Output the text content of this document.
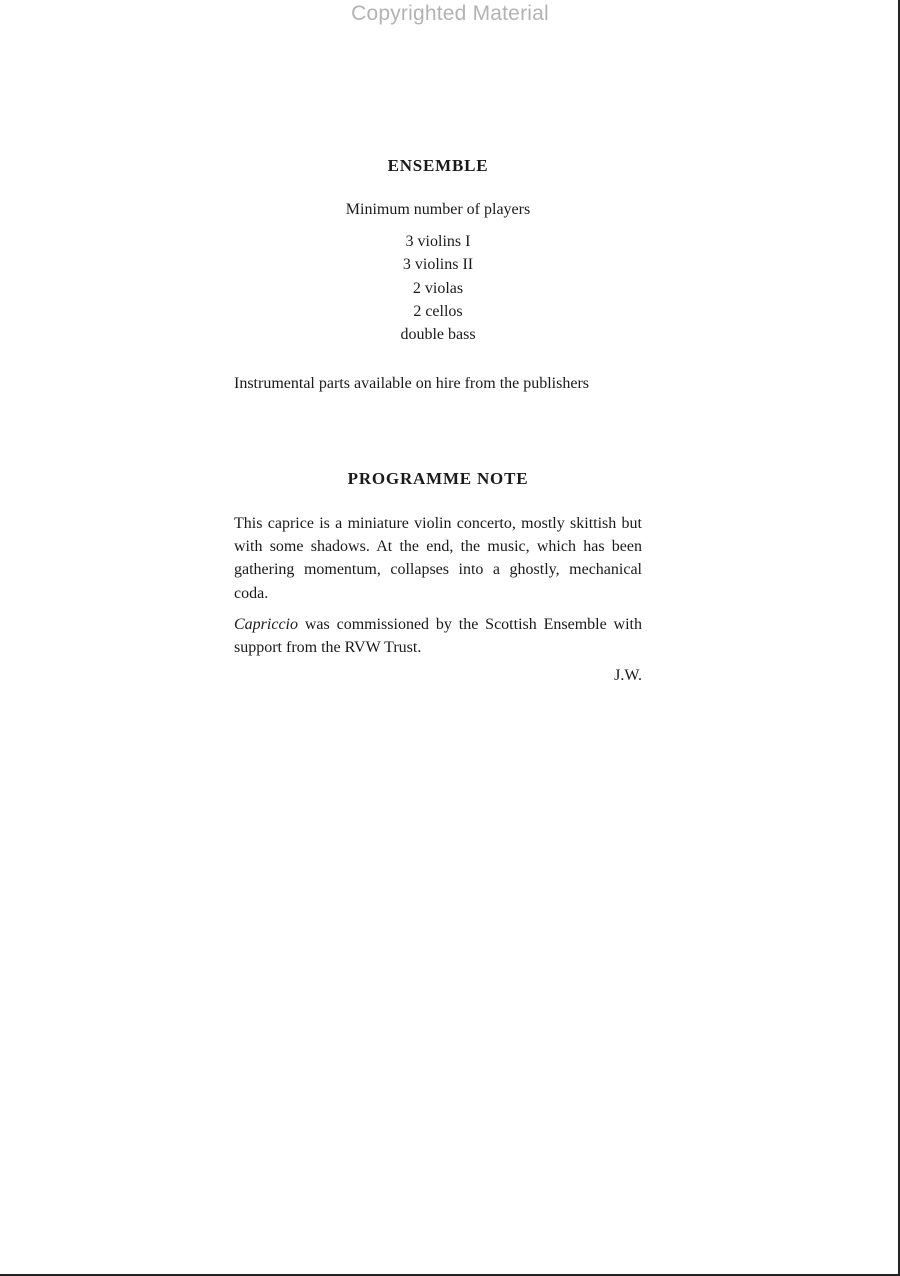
Copyrighted Material
ENSEMBLE
Minimum number of players
3 violins I
3 violins II
2 violas
2 cellos
double bass
Instrumental parts available on hire from the publishers
PROGRAMME NOTE

This caprice is a miniature violin concerto, mostly skittish but with some shadows. At the end, the music, which has been gathering momentum, collapses into a ghostly, mechanical coda.

Capriccio was commissioned by the Scottish Ensemble with support from the RVW Trust.

J.W.
